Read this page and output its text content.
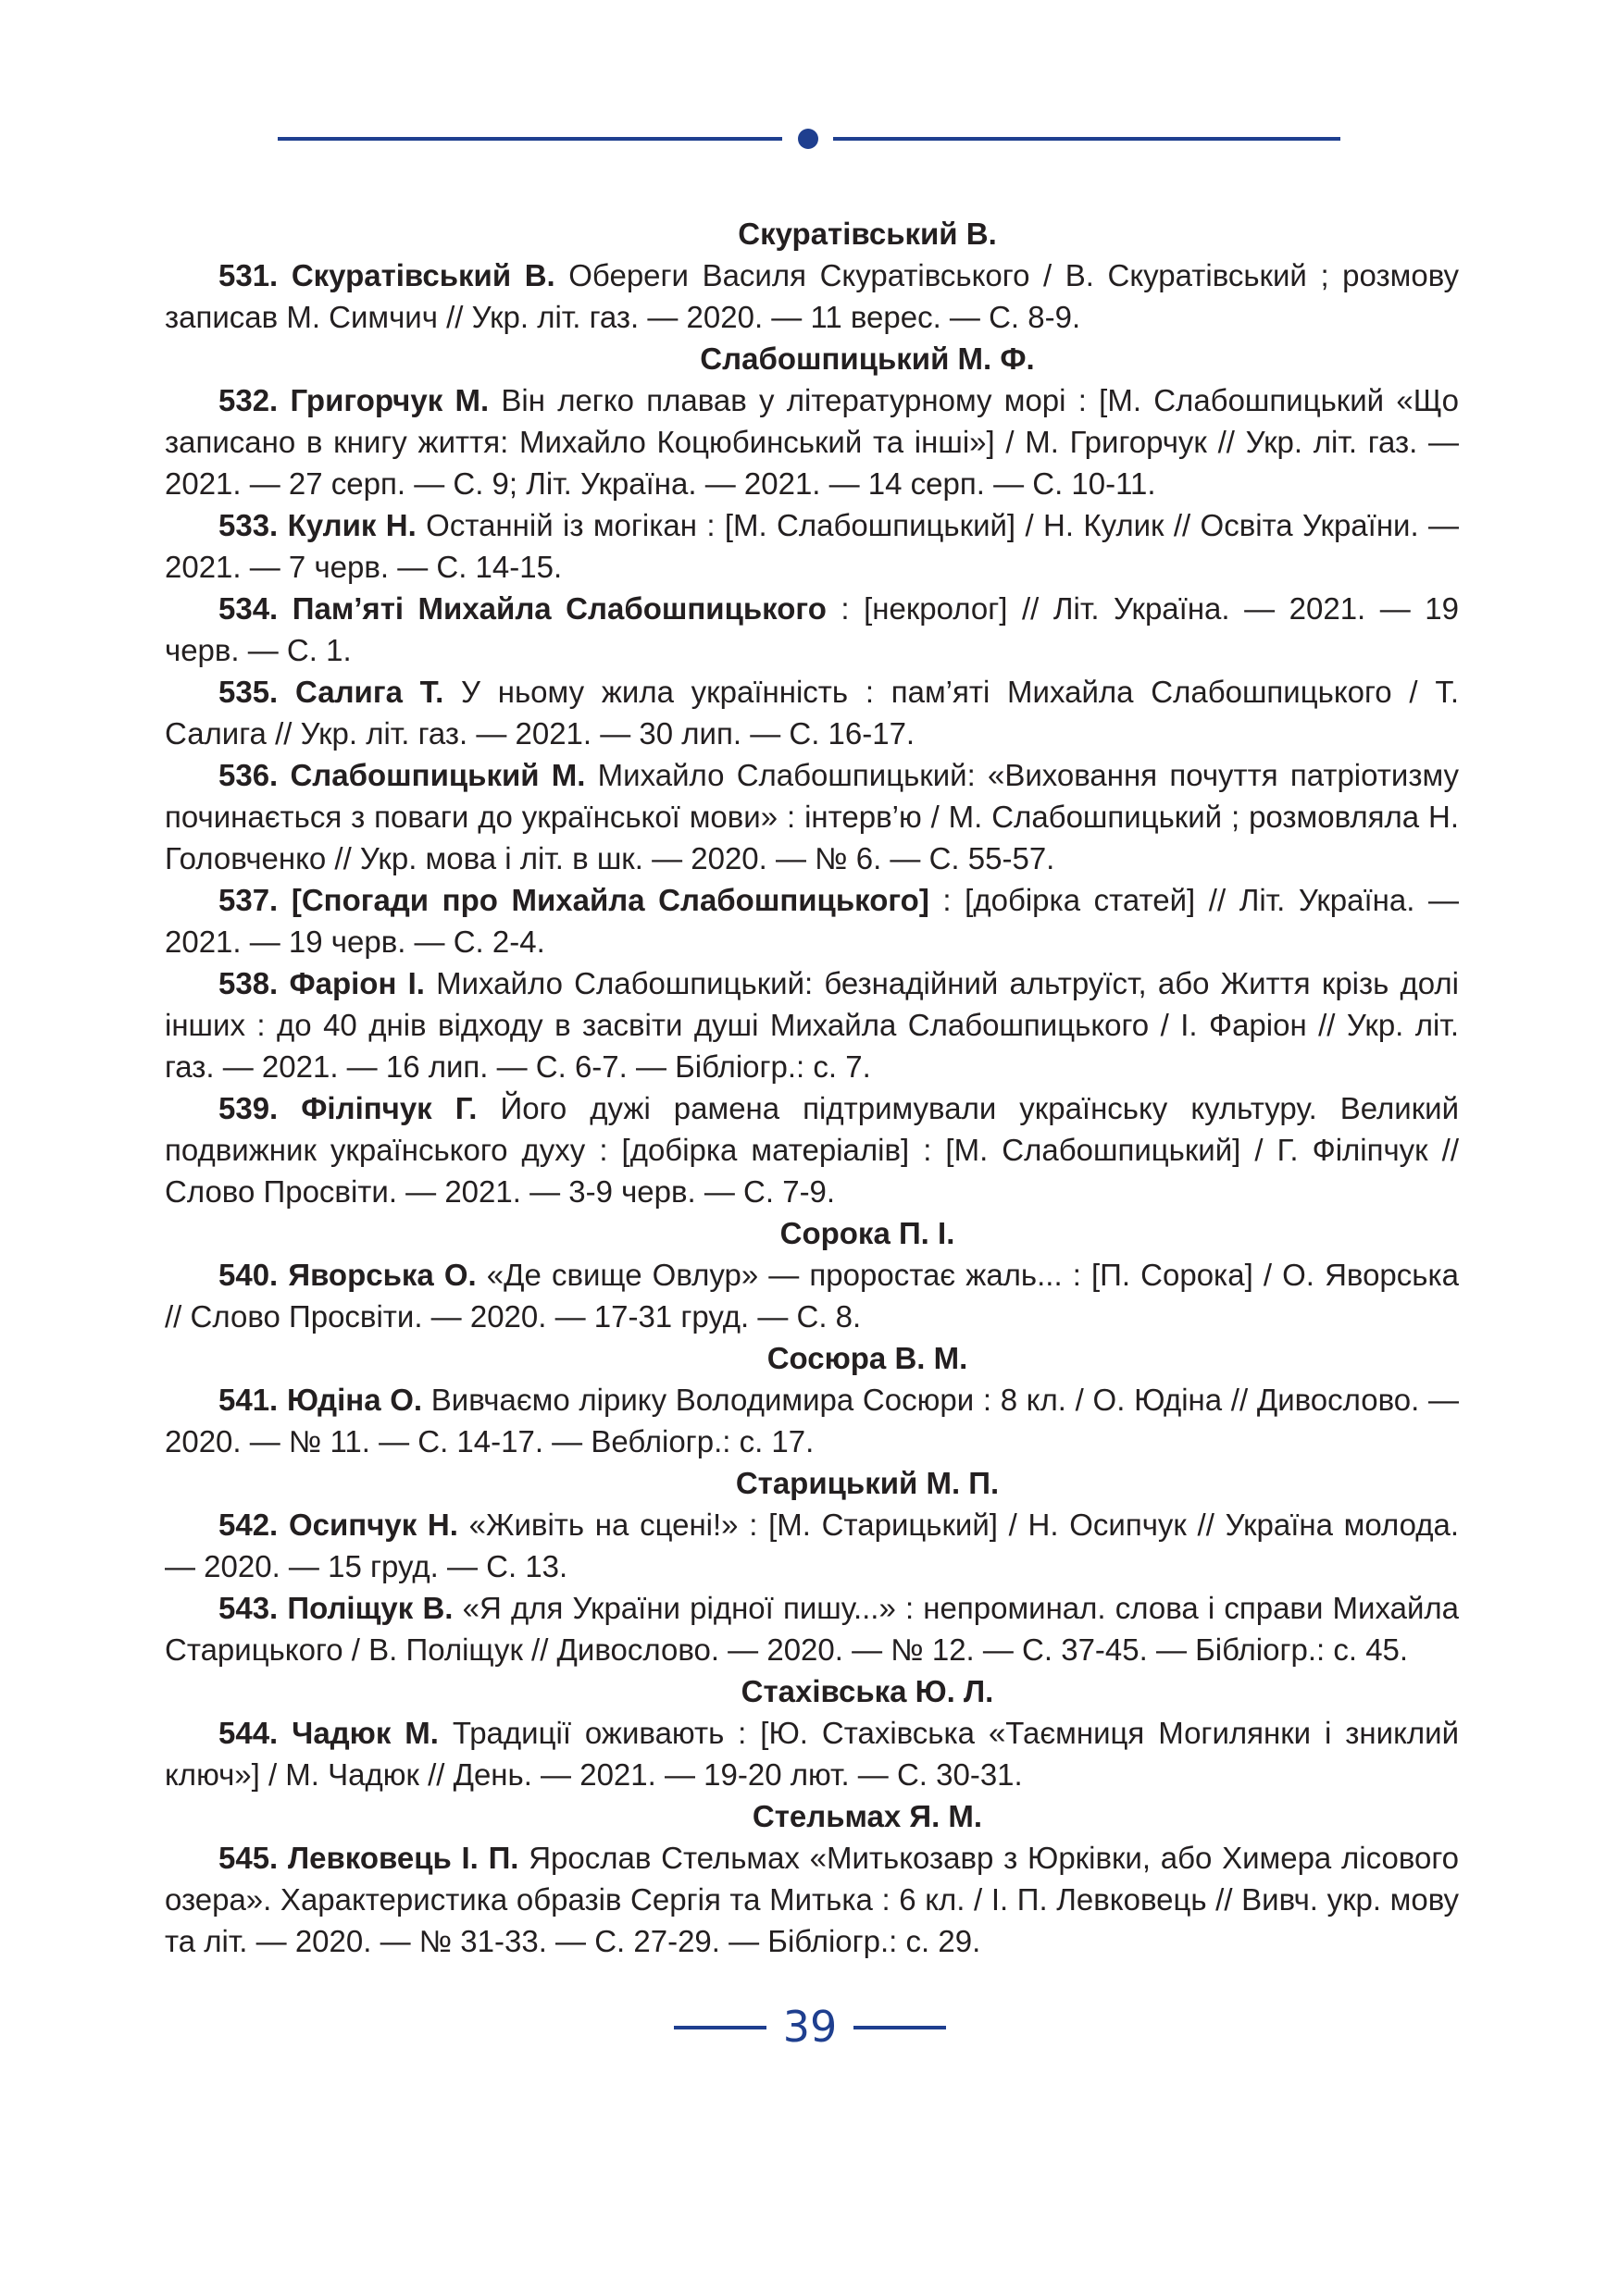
Скуратівський В.

531. Скуратівський В. Обереги Василя Скуратівського / В. Скуратівський ; розмову записав М. Симчич // Укр. літ. газ. — 2020. — 11 верес. — С. 8-9.

Слабошпицький М. Ф.

532. Григорчук М. Він легко плавав у літературному морі : [М. Слабошпицький «Що записано в книгу життя: Михайло Коцюбинський та інші»] / М. Григорчук // Укр. літ. газ. — 2021. — 27 серп. — С. 9; Літ. Україна. — 2021. — 14 серп. — С. 10-11.

533. Кулик Н. Останній із могікан : [М. Слабошпицький] / Н. Кулик // Освіта України. — 2021. — 7 черв. — С. 14-15.

534. Пам’яті Михайла Слабошпицького : [некролог] // Літ. Україна. — 2021. — 19 черв. — С. 1.

535. Салига Т. У ньому жила українність : пам’яті Михайла Слабошпицького / Т. Салига // Укр. літ. газ. — 2021. — 30 лип. — С. 16-17.

536. Слабошпицький М. Михайло Слабошпицький: «Виховання почуття патріотизму починається з поваги до української мови» : інтерв’ю / М. Слабошпицький ; розмовляла Н. Головченко // Укр. мова і літ. в шк. — 2020. — № 6. — С. 55-57.

537. [Спогади про Михайла Слабошпицького] : [добірка статей] // Літ. Україна. — 2021. — 19 черв. — С. 2-4.

538. Фаріон І. Михайло Слабошпицький: безнадійний альтруїст, або Життя крізь долі інших : до 40 днів відходу в засвіти душі Михайла Слабошпицького / І. Фаріон // Укр. літ. газ. — 2021. — 16 лип. — С. 6-7. — Бібліогр.: с. 7.

539. Філіпчук Г. Його дужі рамена підтримували українську культуру. Великий подвижник українського духу : [добірка матеріалів] : [М. Слабошпицький] / Г. Філіпчук // Слово Просвіти. — 2021. — 3-9 черв. — С. 7-9.

Сорока П. І.

540. Яворська О. «Де свище Овлур» — проростає жаль... : [П. Сорока] / О. Яворська // Слово Просвіти. — 2020. — 17-31 груд. — С. 8.

Сосюра В. М.

541. Юдіна О. Вивчаємо лірику Володимира Сосюри : 8 кл. / О. Юдіна // Дивослово. — 2020. — № 11. — С. 14-17. — Вебліогр.: с. 17.

Старицький М. П.

542. Осипчук Н. «Живіть на сцені!» : [М. Старицький] / Н. Осипчук // Україна молода. — 2020. — 15 груд. — С. 13.

543. Поліщук В. «Я для України рідної пишу...» : непроминал. слова і справи Михайла Старицького / В. Поліщук // Дивослово. — 2020. — № 12. — С. 37-45. — Бібліогр.: с. 45.

Стахівська Ю. Л.

544. Чадюк М. Традиції оживають : [Ю. Стахівська «Таємниця Могилянки і зниклий ключ»] / М. Чадюк // День. — 2021. — 19-20 лют. — С. 30-31.

Стельмах Я. М.

545. Левковець І. П. Ярослав Стельмах «Митькозавр з Юрківки, або Химера лісового озера». Характеристика образів Сергія та Митька : 6 кл. / І. П. Левковець // Вивч. укр. мову та літ. — 2020. — № 31-33. — С. 27-29. — Бібліогр.: с. 29.

39
